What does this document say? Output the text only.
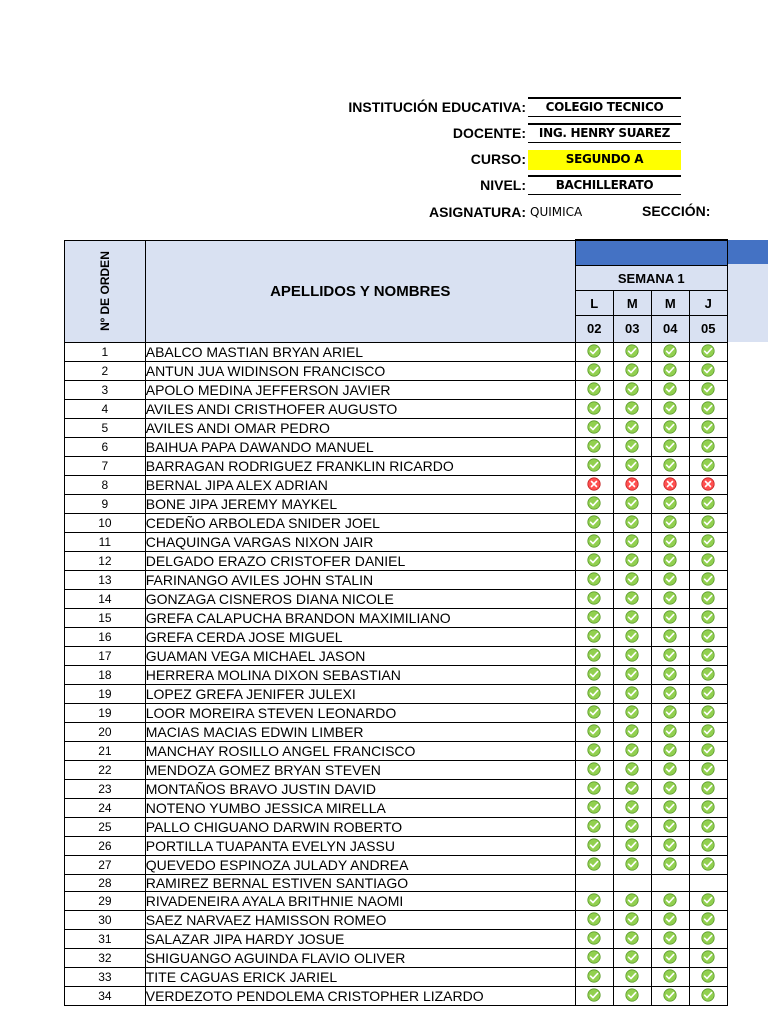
INSTITUCIÓN EDUCATIVA:	COLEGIO TECNICO
DOCENTE:	ING. HENRY SUAREZ
CURSO:	SEGUNDO A
NIVEL:	BACHILLERATO
ASIGNATURA: QUIMICA	SECCIÓN:
Nº DE ORDEN	APELLIDOS Y NOMBRES				
		SEMANA 1			
		L	M	M	J
		02	03	04	05
1	ABALCO MASTIAN BRYAN ARIEL				
2	ANTUN JUA WIDINSON FRANCISCO				
3	APOLO MEDINA JEFFERSON JAVIER				
4	AVILES ANDI CRISTHOFER AUGUSTO				
5	AVILES ANDI OMAR PEDRO				
6	BAIHUA PAPA DAWANDO MANUEL				
7	BARRAGAN RODRIGUEZ FRANKLIN RICARDO				
8	BERNAL JIPA ALEX ADRIAN				
9	BONE JIPA JEREMY MAYKEL				
10	CEDEÑO ARBOLEDA SNIDER JOEL				
11	CHAQUINGA VARGAS NIXON JAIR				
12	DELGADO ERAZO CRISTOFER DANIEL				
13	FARINANGO AVILES JOHN STALIN				
14	GONZAGA CISNEROS DIANA NICOLE				
15	GREFA CALAPUCHA BRANDON MAXIMILIANO				
16	GREFA CERDA JOSE MIGUEL				
17	GUAMAN VEGA MICHAEL JASON				
18	HERRERA MOLINA DIXON SEBASTIAN				
19	LOPEZ GREFA JENIFER JULEXI				
19	LOOR MOREIRA STEVEN LEONARDO				
20	MACIAS MACIAS EDWIN LIMBER				
21	MANCHAY ROSILLO ANGEL FRANCISCO				
22	MENDOZA GOMEZ BRYAN STEVEN				
23	MONTAÑOS BRAVO JUSTIN DAVID				
24	NOTENO YUMBO JESSICA MIRELLA				
25	PALLO CHIGUANO DARWIN ROBERTO				
26	PORTILLA TUAPANTA EVELYN JASSU				
27	QUEVEDO ESPINOZA JULADY ANDREA				
28	RAMIREZ BERNAL ESTIVEN SANTIAGO				
29	RIVADENEIRA AYALA BRITHNIE NAOMI				
30	SAEZ NARVAEZ HAMISSON ROMEO				
31	SALAZAR JIPA HARDY JOSUE				
32	SHIGUANGO AGUINDA FLAVIO OLIVER				
33	TITE CAGUAS ERICK JARIEL				
34	VERDEZOTO PENDOLEMA CRISTOPHER LIZARDO				
